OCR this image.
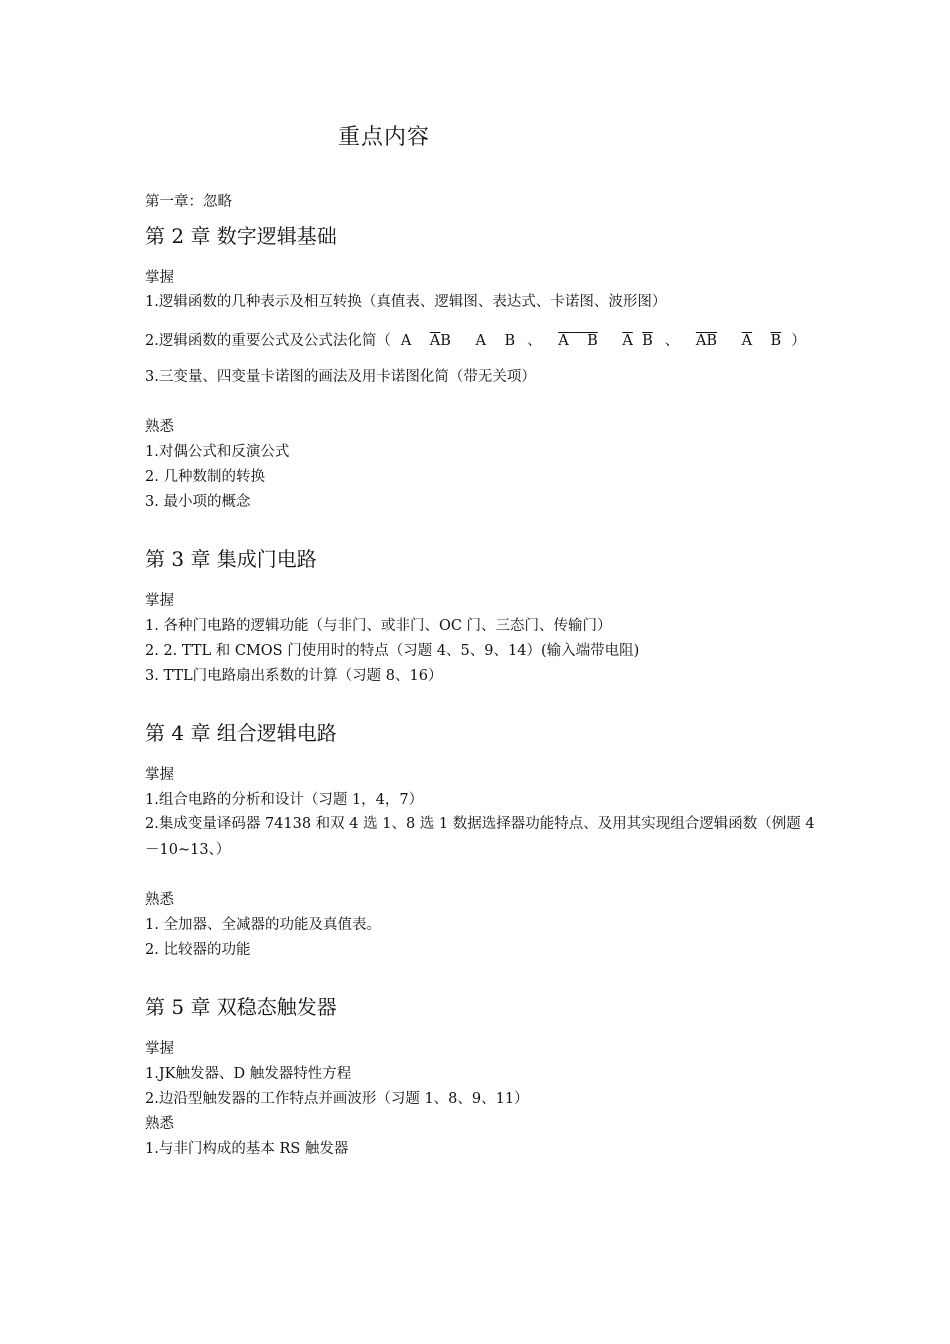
重点内容
第一章：忽略
第 2 章 数字逻辑基础
掌握
1.逻辑函数的几种表示及相互转换（真值表、逻辑图、表达式、卡诺图、波形图）
2.逻辑函数的重要公式及公式法化简（ A $\overline{A}B$ A B 、 A B $\overline{A}$ $\overline{B}$ 、 $\overline{AB}$ $\overline{A}$ $\overline{B}$ ）
3.三变量、四变量卡诺图的画法及用卡诺图化简（带无关项）
熟悉
1.对偶公式和反演公式
2. 几种数制的转换
3. 最小项的概念
第 3 章 集成门电路
掌握
1. 各种门电路的逻辑功能（与非门、或非门、OC 门、三态门、传输门）
2. 2. TTL 和 CMOS 门使用时的特点（习题 4、5、9、14）(输入端带电阻)
3. TTL门电路扇出系数的计算（习题 8、16）
第 4 章 组合逻辑电路
掌握
1.组合电路的分析和设计（习题 1，4，7）
2.集成变量译码器 74138 和双 4 选 1、8 选 1 数据选择器功能特点、及用其实现组合逻辑函数（例题 4－10~13、）
熟悉
1. 全加器、全减器的功能及真值表。
2. 比较器的功能
第 5 章 双稳态触发器
掌握
1.JK触发器、D 触发器特性方程
2.边沿型触发器的工作特点并画波形（习题 1、8、9、11）
熟悉
1.与非门构成的基本 RS 触发器
